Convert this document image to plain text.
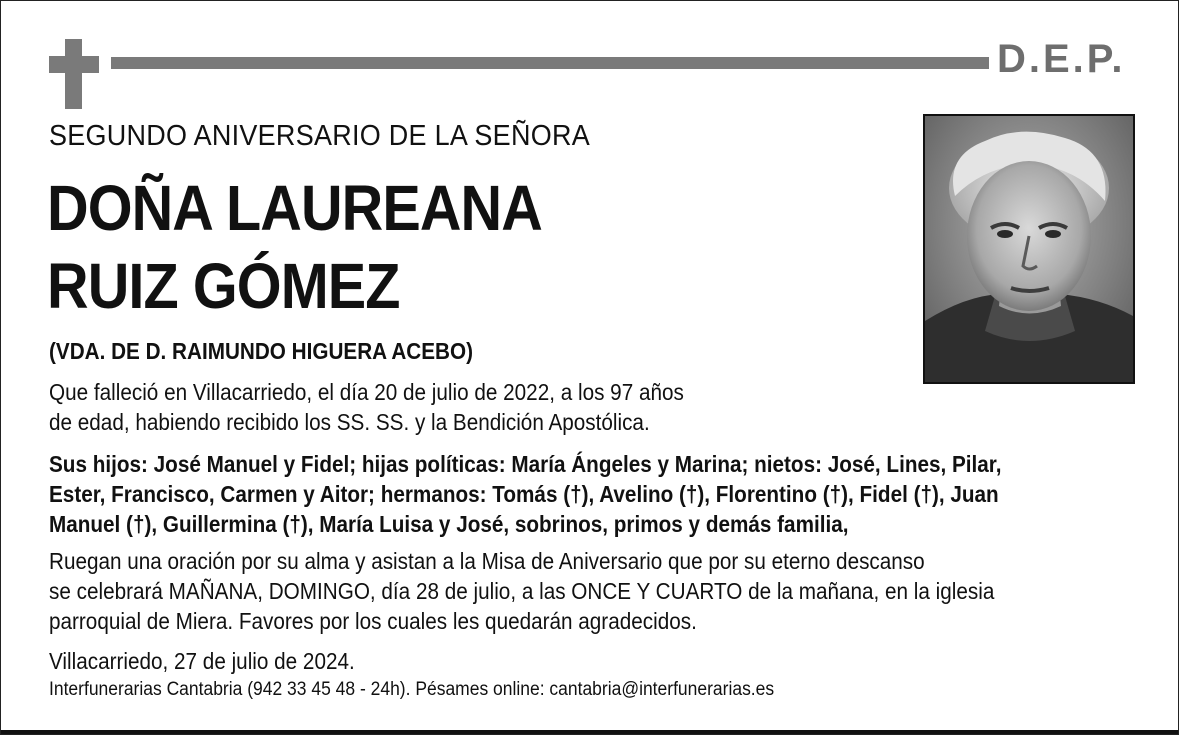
D.E.P.
SEGUNDO ANIVERSARIO DE LA SEÑORA
DOÑA LAUREANA
RUIZ GÓMEZ
(VDA. DE D. RAIMUNDO HIGUERA ACEBO)
Que falleció en Villacarriedo, el día 20 de julio de 2022, a los 97 años
de edad, habiendo recibido los SS. SS. y la Bendición Apostólica.
Sus hijos: José Manuel y Fidel; hijas políticas: María Ángeles y Marina; nietos: José, Lines, Pilar,
Ester, Francisco, Carmen y Aitor; hermanos: Tomás (†), Avelino (†), Florentino (†), Fidel (†), Juan
Manuel (†), Guillermina (†), María Luisa y José, sobrinos, primos y demás familia,
Ruegan una oración por su alma y asistan a la Misa de Aniversario que por su eterno descanso
se celebrará MAÑANA, DOMINGO, día 28 de julio, a las ONCE Y CUARTO de la mañana, en la iglesia
parroquial de Miera. Favores por los cuales les quedarán agradecidos.
Villacarriedo, 27 de julio de 2024.
Interfunerarias Cantabria (942 33 45 48 - 24h). Pésames online: cantabria@interfunerarias.es
